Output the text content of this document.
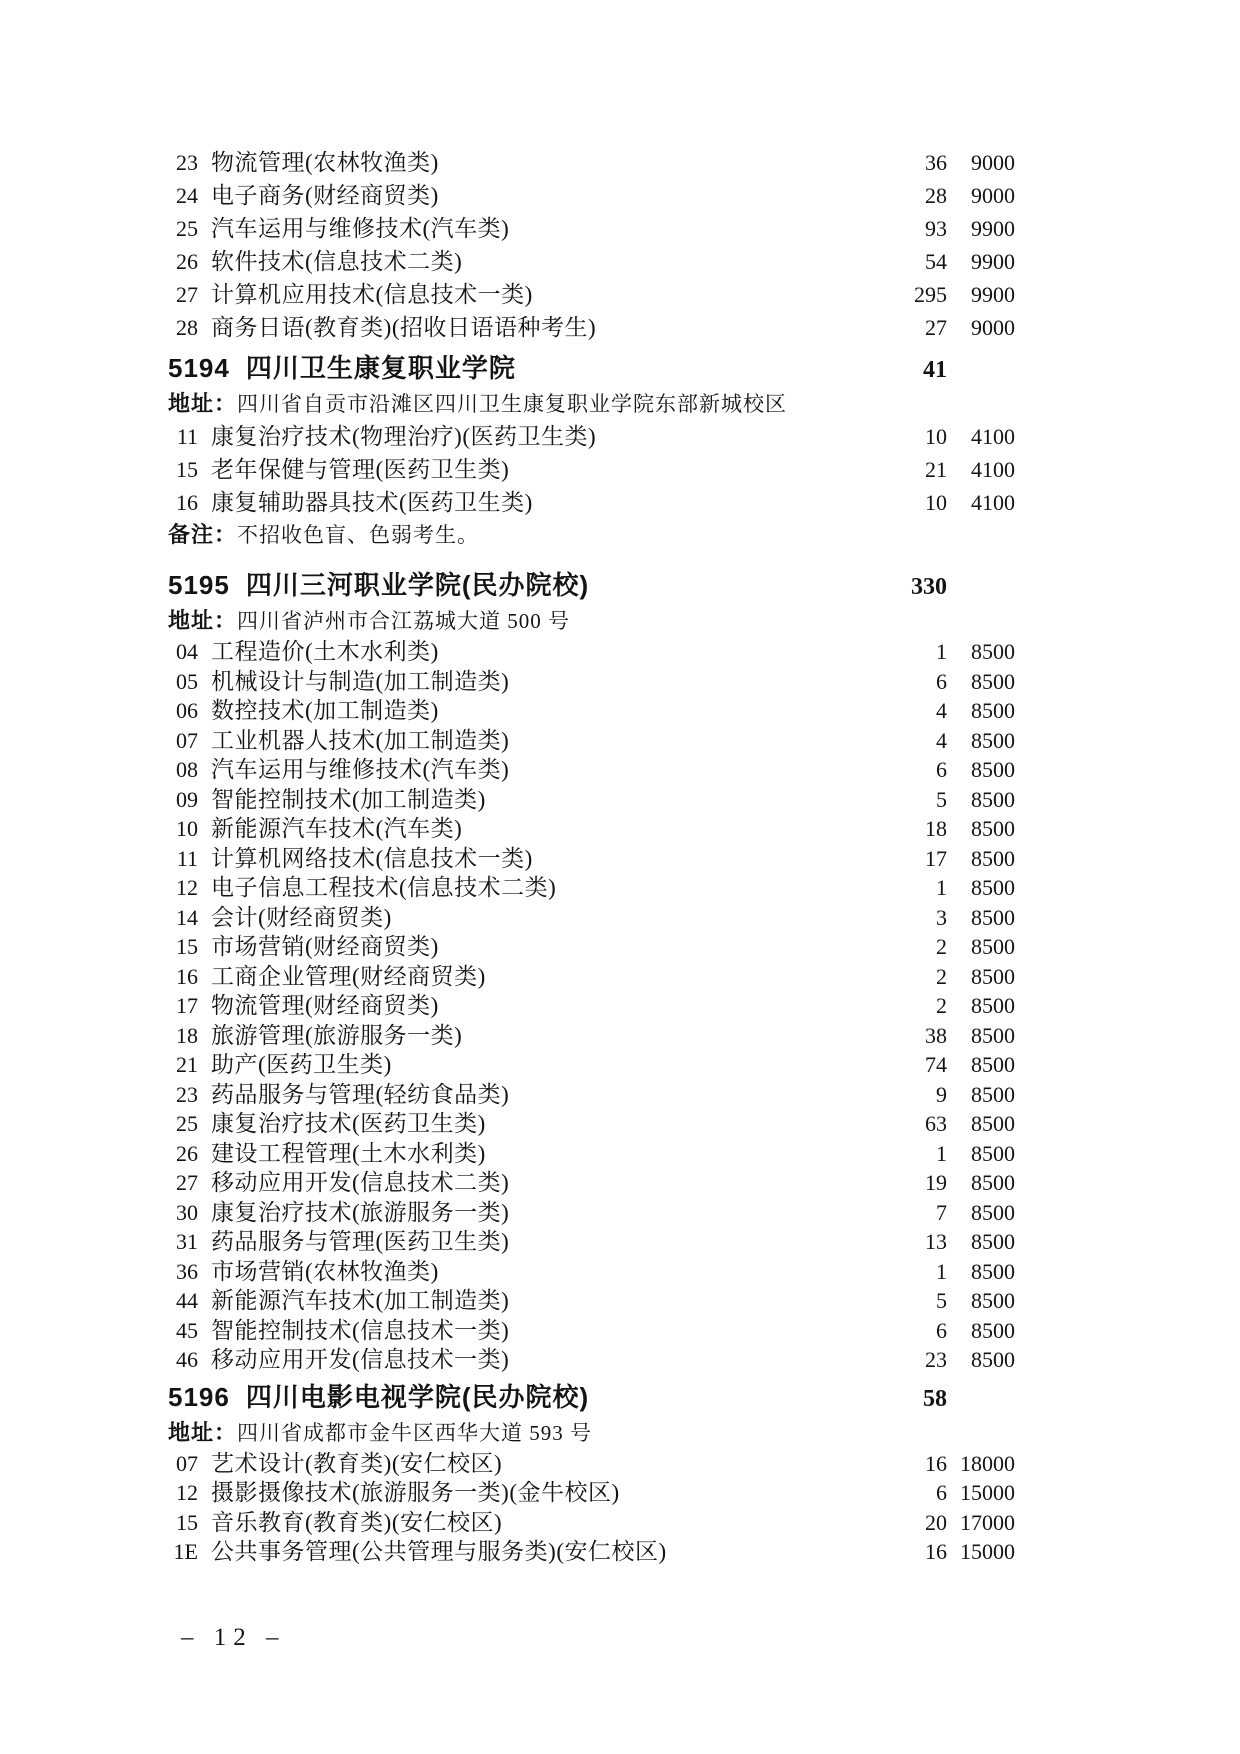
23 物流管理(农林牧渔类)	36	9000
24 电子商务(财经商贸类)	28	9000
25 汽车运用与维修技术(汽车类)	93	9900
26 软件技术(信息技术二类)	54	9900
27 计算机应用技术(信息技术一类)	295	9900
28 商务日语(教育类)(招收日语语种考生)	27	9000
5194 四川卫生康复职业学院	41
地址：四川省自贡市沿滩区四川卫生康复职业学院东部新城校区
11 康复治疗技术(物理治疗)(医药卫生类)	10	4100
15 老年保健与管理(医药卫生类)	21	4100
16 康复辅助器具技术(医药卫生类)	10	4100
备注：不招收色盲、色弱考生。
5195 四川三河职业学院(民办院校)	330
地址：四川省泸州市合江荔城大道 500 号
04 工程造价(土木水利类)	1	8500
05 机械设计与制造(加工制造类)	6	8500
06 数控技术(加工制造类)	4	8500
07 工业机器人技术(加工制造类)	4	8500
08 汽车运用与维修技术(汽车类)	6	8500
09 智能控制技术(加工制造类)	5	8500
10 新能源汽车技术(汽车类)	18	8500
11 计算机网络技术(信息技术一类)	17	8500
12 电子信息工程技术(信息技术二类)	1	8500
14 会计(财经商贸类)	3	8500
15 市场营销(财经商贸类)	2	8500
16 工商企业管理(财经商贸类)	2	8500
17 物流管理(财经商贸类)	2	8500
18 旅游管理(旅游服务一类)	38	8500
21 助产(医药卫生类)	74	8500
23 药品服务与管理(轻纺食品类)	9	8500
25 康复治疗技术(医药卫生类)	63	8500
26 建设工程管理(土木水利类)	1	8500
27 移动应用开发(信息技术二类)	19	8500
30 康复治疗技术(旅游服务一类)	7	8500
31 药品服务与管理(医药卫生类)	13	8500
36 市场营销(农林牧渔类)	1	8500
44 新能源汽车技术(加工制造类)	5	8500
45 智能控制技术(信息技术一类)	6	8500
46 移动应用开发(信息技术一类)	23	8500
5196 四川电影电视学院(民办院校)	58
地址：四川省成都市金牛区西华大道 593 号
07 艺术设计(教育类)(安仁校区)	16 18000
12 摄影摄像技术(旅游服务一类)(金牛校区)	6 15000
15 音乐教育(教育类)(安仁校区)	20 17000
1E 公共事务管理(公共管理与服务类)(安仁校区)	16 15000
– 12 –
